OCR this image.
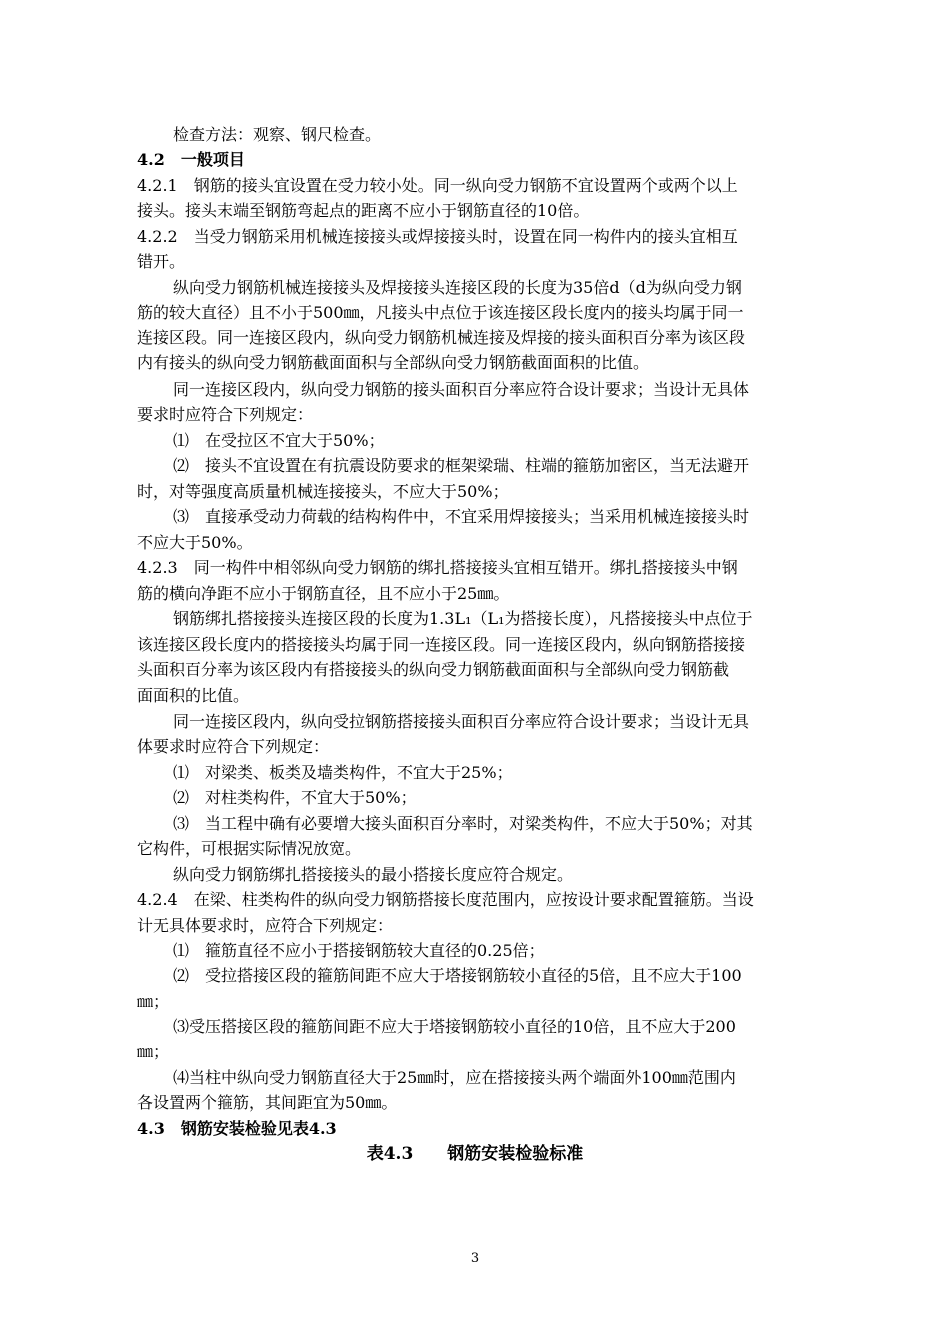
检查方法：观察、钢尺检查。
4.2　一般项目
4.2.1　钢筋的接头宜设置在受力较小处。同一纵向受力钢筋不宜设置两个或两个以上
接头。接头末端至钢筋弯起点的距离不应小于钢筋直径的10倍。
4.2.2　当受力钢筋采用机械连接接头或焊接接头时，设置在同一构件内的接头宜相互
错开。
纵向受力钢筋机械连接接头及焊接接头连接区段的长度为35倍d（d为纵向受力钢
筋的较大直径）且不小于500㎜，凡接头中点位于该连接区段长度内的接头均属于同一
连接区段。同一连接区段内，纵向受力钢筋机械连接及焊接的接头面积百分率为该区段
内有接头的纵向受力钢筋截面面积与全部纵向受力钢筋截面面积的比值。
同一连接区段内，纵向受力钢筋的接头面积百分率应符合设计要求；当设计无具体
要求时应符合下列规定：
⑴　在受拉区不宜大于50%；
⑵　接头不宜设置在有抗震设防要求的框架梁瑞、柱端的箍筋加密区，当无法避开
时，对等强度高质量机械连接接头，不应大于50%；
⑶　直接承受动力荷载的结构构件中，不宜采用焊接接头；当采用机械连接接头时
不应大于50%。
4.2.3　同一构件中相邻纵向受力钢筋的绑扎搭接接头宜相互错开。绑扎搭接接头中钢
筋的横向净距不应小于钢筋直径，且不应小于25㎜。
钢筋绑扎搭接接头连接区段的长度为1.3L₁（L₁为搭接长度），凡搭接接头中点位于
该连接区段长度内的搭接接头均属于同一连接区段。同一连接区段内，纵向钢筋搭接接
头面积百分率为该区段内有搭接接头的纵向受力钢筋截面面积与全部纵向受力钢筋截
面面积的比值。
同一连接区段内，纵向受拉钢筋搭接接头面积百分率应符合设计要求；当设计无具
体要求时应符合下列规定：
⑴　对梁类、板类及墙类构件，不宜大于25%；
⑵　对柱类构件，不宜大于50%；
⑶　当工程中确有必要增大接头面积百分率时，对梁类构件，不应大于50%；对其
它构件，可根据实际情况放宽。
纵向受力钢筋绑扎搭接接头的最小搭接长度应符合规定。
4.2.4　在梁、柱类构件的纵向受力钢筋搭接长度范围内，应按设计要求配置箍筋。当设
计无具体要求时，应符合下列规定：
⑴　箍筋直径不应小于搭接钢筋较大直径的0.25倍；
⑵　受拉搭接区段的箍筋间距不应大于塔接钢筋较小直径的5倍，且不应大于100
㎜；
⑶受压搭接区段的箍筋间距不应大于塔接钢筋较小直径的10倍，且不应大于200
㎜；
⑷当柱中纵向受力钢筋直径大于25㎜时，应在搭接接头两个端面外100㎜范围内
各设置两个箍筋，其间距宜为50㎜。
4.3　钢筋安装检验见表4.3
表4.3　　钢筋安装检验标准
3
